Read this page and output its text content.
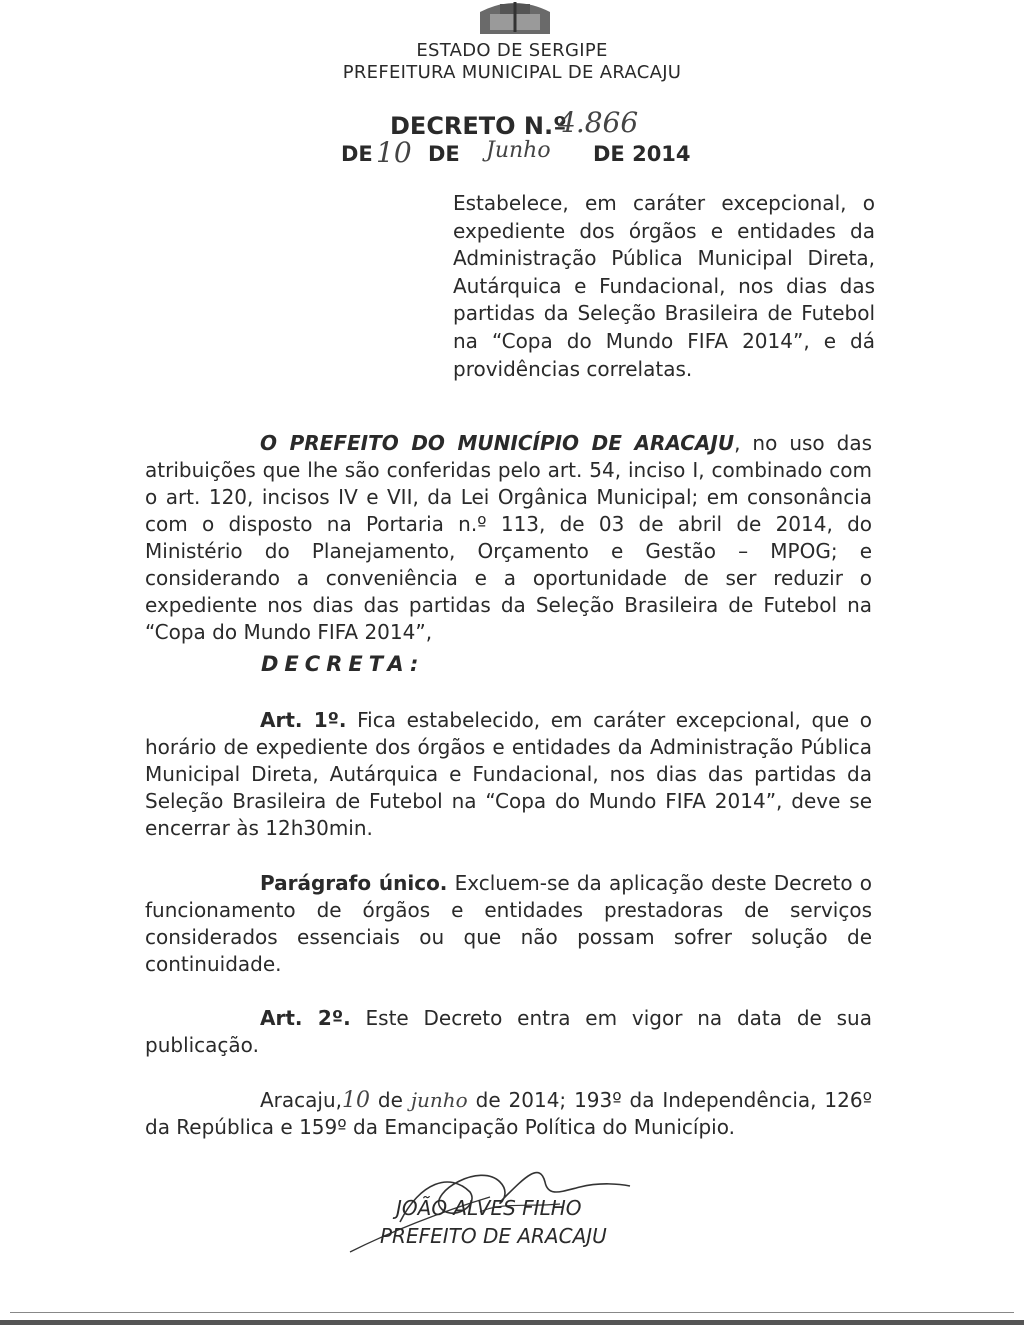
ESTADO DE SERGIPE
PREFEITURA MUNICIPAL DE ARACAJU
DECRETO N.º
4.866
DE 10 DE Junho DE 2014
Estabelece, em caráter excepcional, o expediente dos órgãos e entidades da Administração Pública Municipal Direta, Autárquica e Fundacional, nos dias das partidas da Seleção Brasileira de Futebol na “Copa do Mundo FIFA 2014”, e dá providências correlatas.
O PREFEITO DO MUNICÍPIO DE ARACAJU, no uso das atribuições que lhe são conferidas pelo art. 54, inciso I, combinado com o art. 120, incisos IV e VII, da Lei Orgânica Municipal; em consonância com o disposto na Portaria n.º 113, de 03 de abril de 2014, do Ministério do Planejamento, Orçamento e Gestão – MPOG; e considerando a conveniência e a oportunidade de ser reduzir o expediente nos dias das partidas da Seleção Brasileira de Futebol na “Copa do Mundo FIFA 2014”,
DECRETA:
Art. 1º. Fica estabelecido, em caráter excepcional, que o horário de expediente dos órgãos e entidades da Administração Pública Municipal Direta, Autárquica e Fundacional, nos dias das partidas da Seleção Brasileira de Futebol na “Copa do Mundo FIFA 2014”, deve se encerrar às 12h30min.
Parágrafo único. Excluem-se da aplicação deste Decreto o funcionamento de órgãos e entidades prestadoras de serviços considerados essenciais ou que não possam sofrer solução de continuidade.
Art. 2º. Este Decreto entra em vigor na data de sua publicação.
Aracaju,10 de junho de 2014; 193º da Independência, 126º da República e 159º da Emancipação Política do Município.
JOÃO ALVES FILHO
PREFEITO DE ARACAJU
